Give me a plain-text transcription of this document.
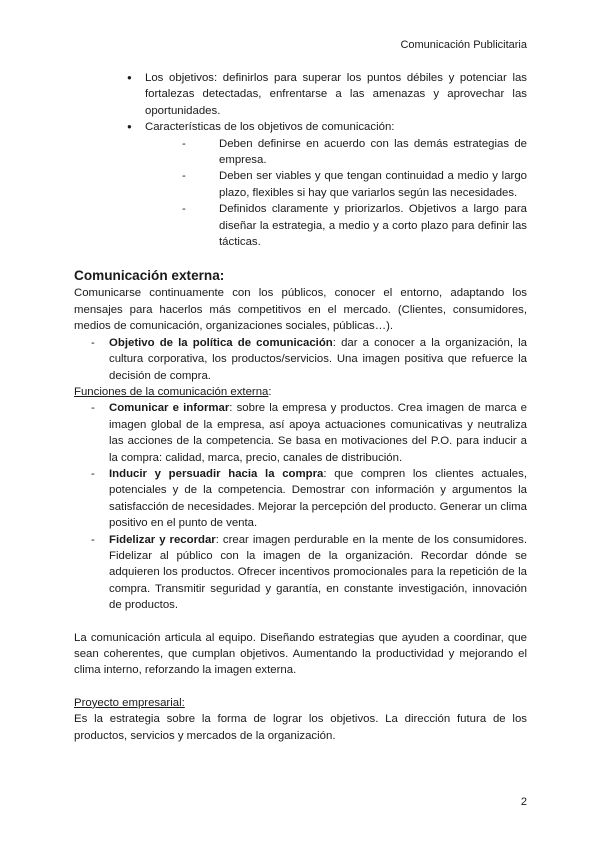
Comunicación Publicitaria
● Los objetivos: definirlos para superar los puntos débiles y potenciar las fortalezas detectadas, enfrentarse a las amenazas y aprovechar las oportunidades.
● Características de los objetivos de comunicación:
- Deben definirse en acuerdo con las demás estrategias de empresa.
- Deben ser viables y que tengan continuidad a medio y largo plazo, flexibles si hay que variarlos según las necesidades.
- Definidos claramente y priorizarlos. Objetivos a largo para diseñar la estrategia, a medio y a corto plazo para definir las tácticas.
Comunicación externa:

Comunicarse continuamente con los públicos, conocer el entorno, adaptando los mensajes para hacerlos más competitivos en el mercado. (Clientes, consumidores, medios de comunicación, organizaciones sociales, públicas…).

- Objetivo de la política de comunicación: dar a conocer a la organización, la cultura corporativa, los productos/servicios. Una imagen positiva que refuerce la decisión de compra.
Funciones de la comunicación externa:
- Comunicar e informar: sobre la empresa y productos. Crea imagen de marca e imagen global de la empresa, así apoya actuaciones comunicativas y neutraliza las acciones de la competencia. Se basa en motivaciones del P.O. para inducir a la compra: calidad, marca, precio, canales de distribución.
- Inducir y persuadir hacia la compra: que compren los clientes actuales, potenciales y de la competencia. Demostrar con información y argumentos la satisfacción de necesidades. Mejorar la percepción del producto. Generar un clima positivo en el punto de venta.
- Fidelizar y recordar: crear imagen perdurable en la mente de los consumidores. Fidelizar al público con la imagen de la organización. Recordar dónde se adquieren los productos. Ofrecer incentivos promocionales para la repetición de la compra. Transmitir seguridad y garantía, en constante investigación, innovación de productos.

La comunicación articula al equipo. Diseñando estrategias que ayuden a coordinar, que sean coherentes, que cumplan objetivos. Aumentando la productividad y mejorando el clima interno, reforzando la imagen externa.

Proyecto empresarial:

Es la estrategia sobre la forma de lograr los objetivos. La dirección futura de los productos, servicios y mercados de la organización.

2
